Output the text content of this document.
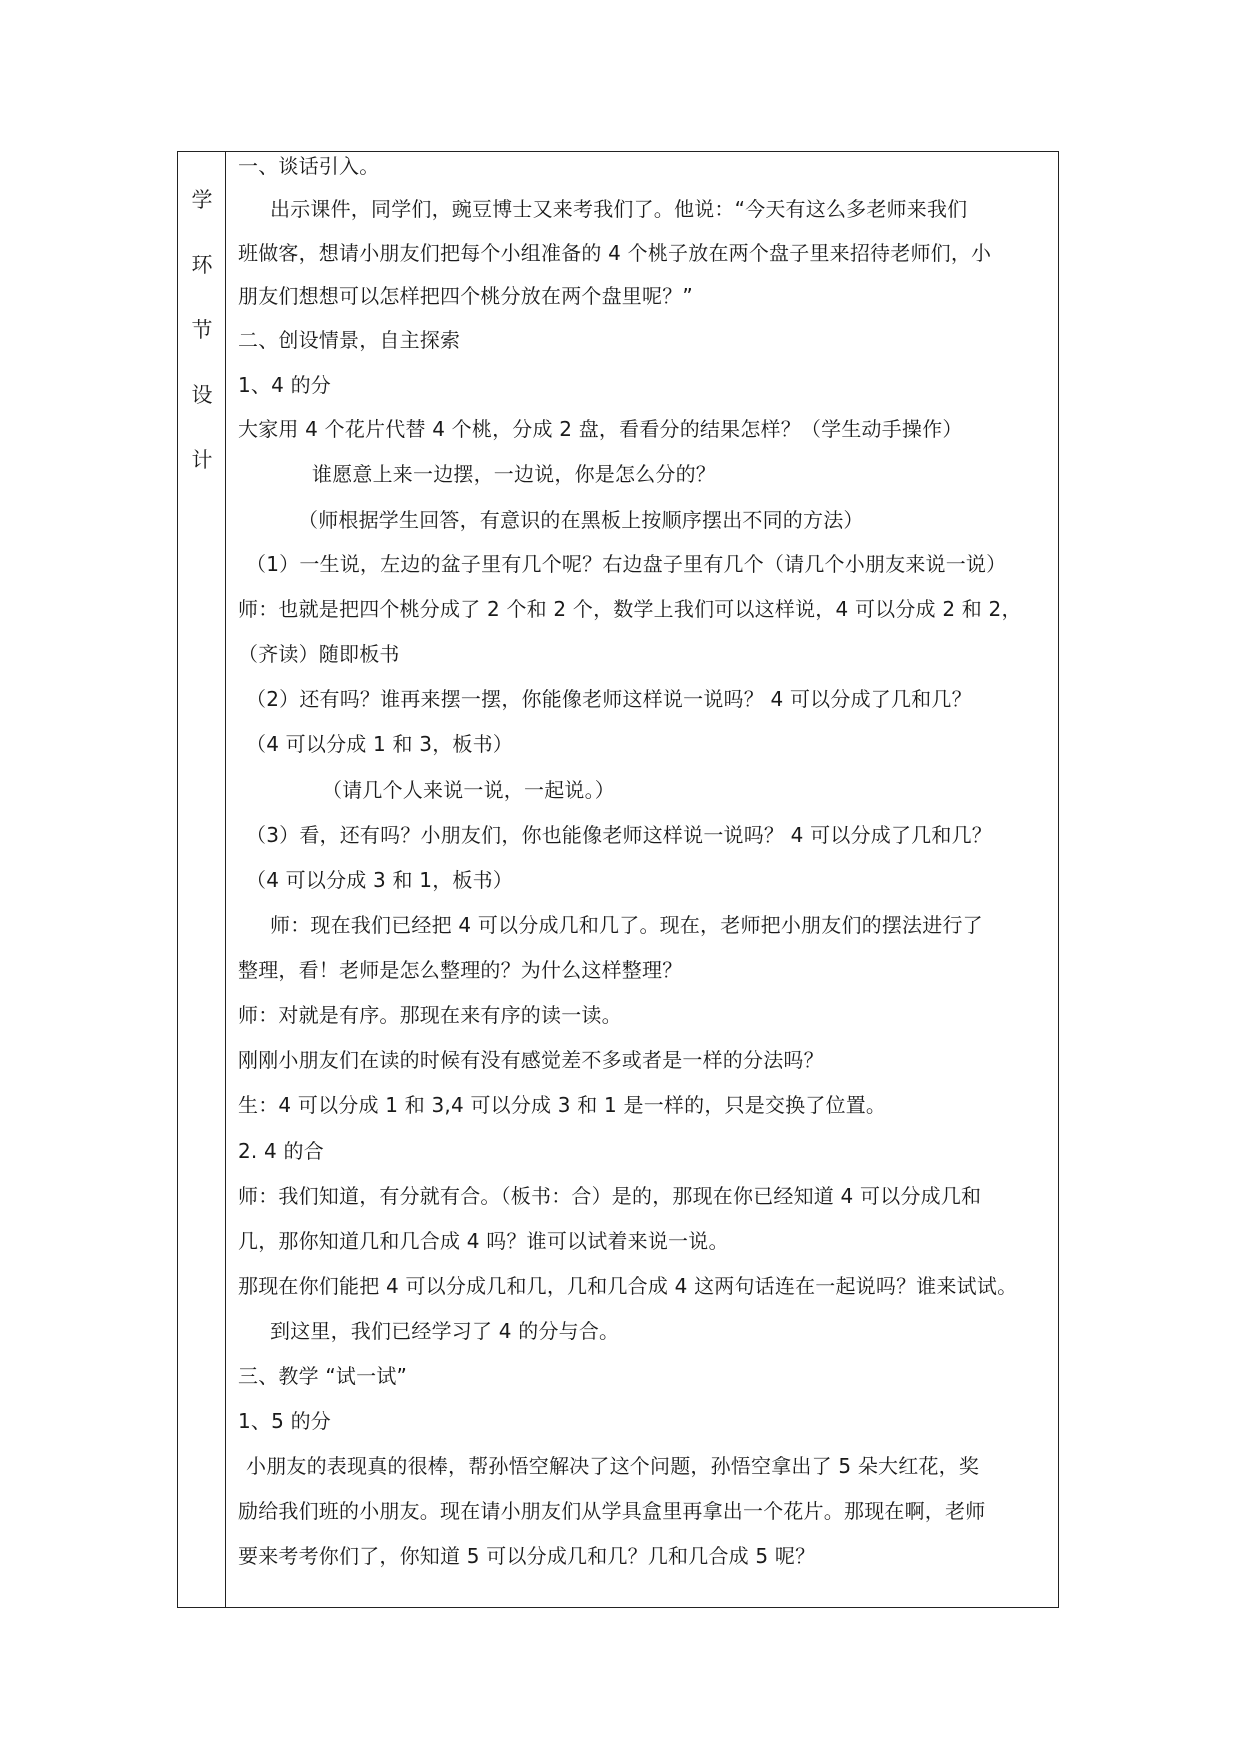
学
环
节
设
计
一、谈话引入。
出示课件，同学们，豌豆博士又来考我们了。他说：“今天有这么多老师来我们
班做客，想请小朋友们把每个小组准备的 4 个桃子放在两个盘子里来招待老师们，小
朋友们想想可以怎样把四个桃分放在两个盘里呢？”
二、创设情景，自主探索
1、4 的分
大家用 4 个花片代替 4 个桃，分成 2 盘，看看分的结果怎样？（学生动手操作）
谁愿意上来一边摆，一边说，你是怎么分的？
（师根据学生回答，有意识的在黑板上按顺序摆出不同的方法）
（1）一生说，左边的盆子里有几个呢？右边盘子里有几个（请几个小朋友来说一说）
师：也就是把四个桃分成了 2 个和 2 个，数学上我们可以这样说，4 可以分成 2 和 2，
（齐读）随即板书
（2）还有吗？谁再来摆一摆，你能像老师这样说一说吗？ 4 可以分成了几和几？
（4 可以分成 1 和 3，板书）
（请几个人来说一说，一起说。）
（3）看，还有吗？小朋友们，你也能像老师这样说一说吗？ 4 可以分成了几和几？
（4 可以分成 3 和 1，板书）
师：现在我们已经把 4 可以分成几和几了。现在，老师把小朋友们的摆法进行了
整理，看！老师是怎么整理的？为什么这样整理？
师：对就是有序。那现在来有序的读一读。
刚刚小朋友们在读的时候有没有感觉差不多或者是一样的分法吗？
生：4 可以分成 1 和 3,4 可以分成 3 和 1 是一样的，只是交换了位置。
2. 4 的合
师：我们知道，有分就有合。（板书：合）是的，那现在你已经知道 4 可以分成几和
几，那你知道几和几合成 4 吗？谁可以试着来说一说。
那现在你们能把 4 可以分成几和几，几和几合成 4 这两句话连在一起说吗？谁来试试。
到这里，我们已经学习了 4 的分与合。
三、教学 “试一试”
1、5 的分
小朋友的表现真的很棒，帮孙悟空解决了这个问题，孙悟空拿出了 5 朵大红花，奖
励给我们班的小朋友。现在请小朋友们从学具盒里再拿出一个花片。那现在啊，老师
要来考考你们了，你知道 5 可以分成几和几？几和几合成 5 呢？
